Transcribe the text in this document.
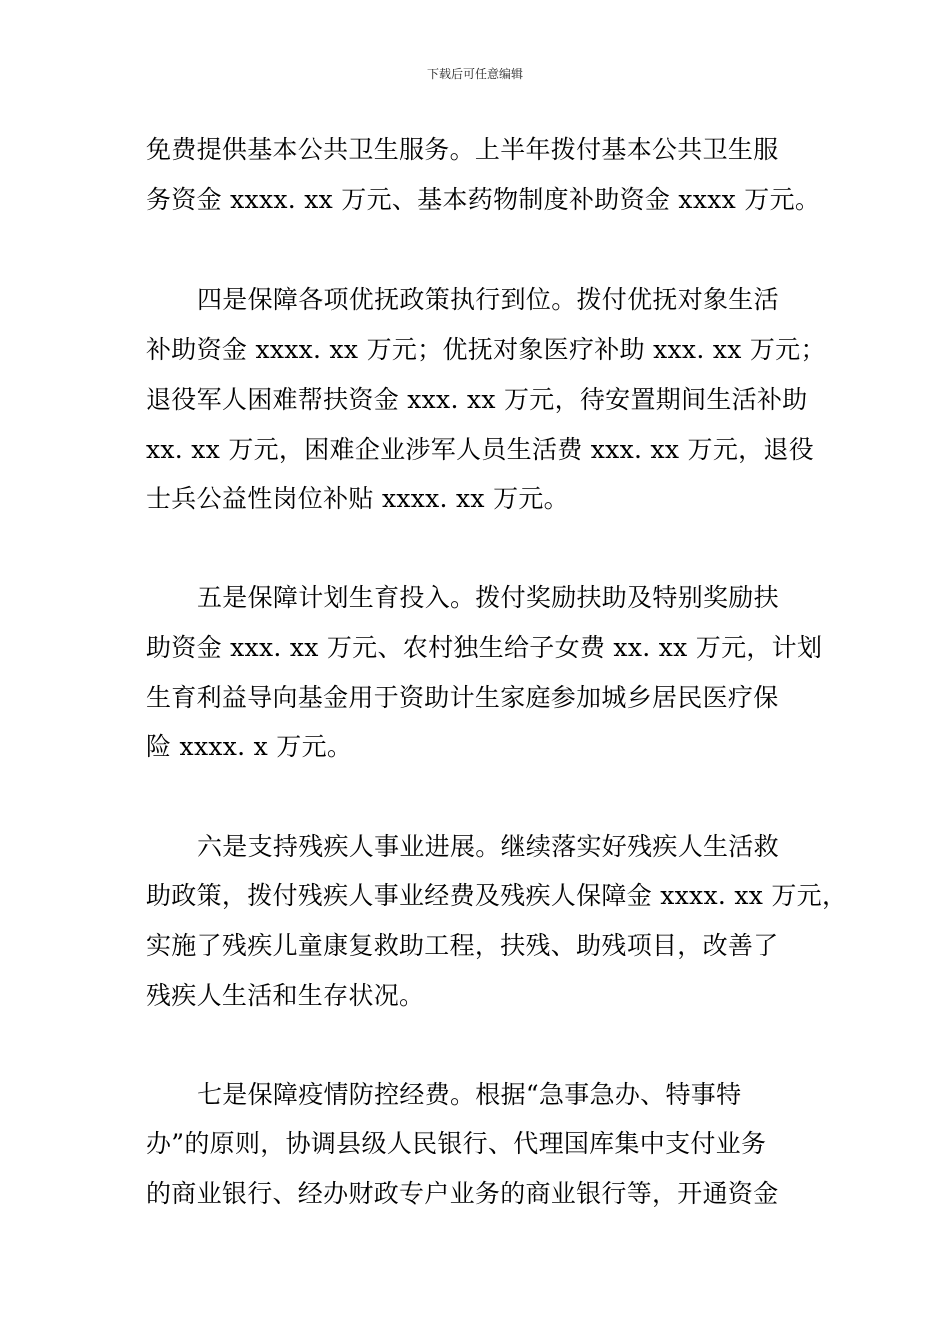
下载后可任意编辑
免费提供基本公共卫生服务。上半年拨付基本公共卫生服
务资金 xxxx. xx 万元、基本药物制度补助资金 xxxx 万元。
四是保障各项优抚政策执行到位。拨付优抚对象生活
补助资金 xxxx. xx 万元；优抚对象医疗补助 xxx. xx 万元；
退役军人困难帮扶资金 xxx. xx 万元，待安置期间生活补助
xx. xx 万元，困难企业涉军人员生活费 xxx. xx 万元，退役
士兵公益性岗位补贴 xxxx. xx 万元。
五是保障计划生育投入。拨付奖励扶助及特别奖励扶
助资金 xxx. xx 万元、农村独生给子女费 xx. xx 万元，计划
生育利益导向基金用于资助计生家庭参加城乡居民医疗保
险 xxxx. x 万元。
六是支持残疾人事业进展。继续落实好残疾人生活救
助政策，拨付残疾人事业经费及残疾人保障金 xxxx. xx 万元，
实施了残疾儿童康复救助工程，扶残、助残项目，改善了
残疾人生活和生存状况。
七是保障疫情防控经费。根据“急事急办、特事特
办”的原则，协调县级人民银行、代理国库集中支付业务
的商业银行、经办财政专户业务的商业银行等，开通资金
